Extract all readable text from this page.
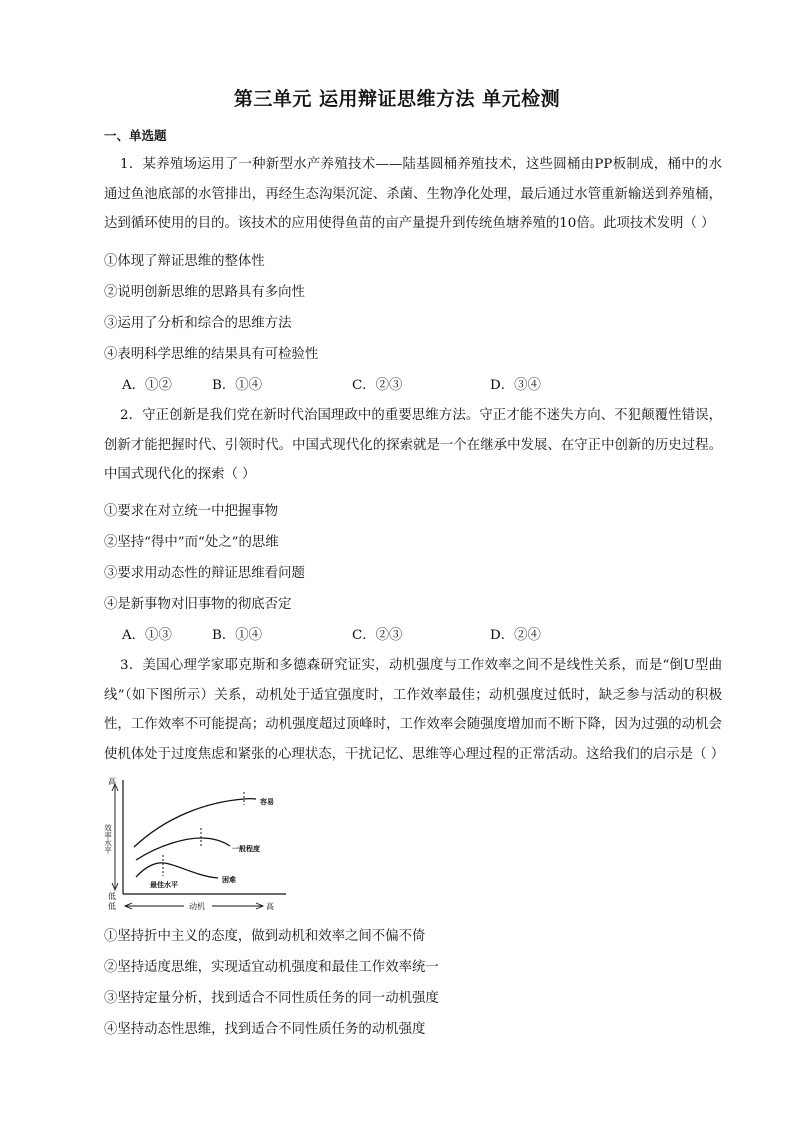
第三单元 运用辩证思维方法 单元检测
一、单选题
1．某养殖场运用了一种新型水产养殖技术——陆基圆桶养殖技术，这些圆桶由PP板制成，桶中的水通过鱼池底部的水管排出，再经生态沟渠沉淀、杀菌、生物净化处理，最后通过水管重新输送到养殖桶，达到循环使用的目的。该技术的应用使得鱼苗的亩产量提升到传统鱼塘养殖的10倍。此项技术发明（ ）
①体现了辩证思维的整体性
②说明创新思维的思路具有多向性
③运用了分析和综合的思维方法
④表明科学思维的结果具有可检验性
A．①②	B．①④	C．②③	D．③④
2．守正创新是我们党在新时代治国理政中的重要思维方法。守正才能不迷失方向、不犯颠覆性错误，创新才能把握时代、引领时代。中国式现代化的探索就是一个在继承中发展、在守正中创新的历史过程。中国式现代化的探索（ ）
①要求在对立统一中把握事物
②坚持“得中”而“处之”的思维
③要求用动态性的辩证思维看问题
④是新事物对旧事物的彻底否定
A．①③	B．①④	C．②③	D．②④
3．美国心理学家耶克斯和多德森研究证实，动机强度与工作效率之间不是线性关系，而是“倒U型曲线”（如下图所示）关系，动机处于适宜强度时，工作效率最佳；动机强度过低时，缺乏参与活动的积极性，工作效率不可能提高；动机强度超过顶峰时，工作效率会随强度增加而不断下降，因为过强的动机会使机体处于过度焦虑和紧张的心理状态，干扰记忆、思维等心理过程的正常活动。这给我们的启示是（ ）
高
效率水平
低
低	动机	高
容易
一般程度
困难
最佳水平
①坚持折中主义的态度，做到动机和效率之间不偏不倚
②坚持适度思维，实现适宜动机强度和最佳工作效率统一
③坚持定量分析，找到适合不同性质任务的同一动机强度
④坚持动态性思维，找到适合不同性质任务的动机强度
